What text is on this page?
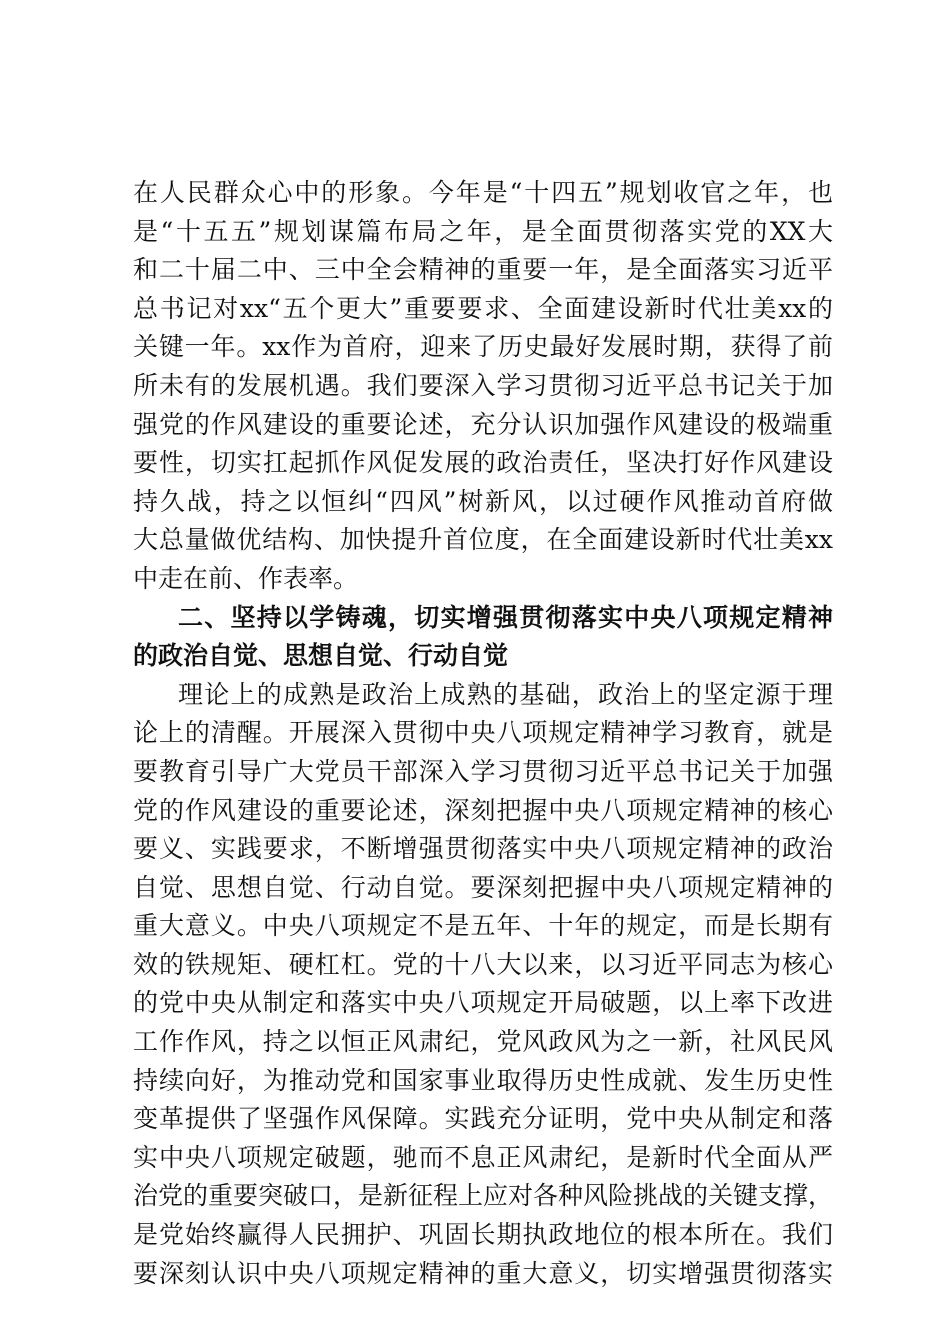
在人民群众心中的形象。今年是“十四五”规划收官之年，也
是“十五五”规划谋篇布局之年，是全面贯彻落实党的XX大
和二十届二中、三中全会精神的重要一年，是全面落实习近平
总书记对xx“五个更大”重要要求、全面建设新时代壮美xx的
关键一年。xx作为首府，迎来了历史最好发展时期，获得了前
所未有的发展机遇。我们要深入学习贯彻习近平总书记关于加
强党的作风建设的重要论述，充分认识加强作风建设的极端重
要性，切实扛起抓作风促发展的政治责任，坚决打好作风建设
持久战，持之以恒纠“四风”树新风，以过硬作风推动首府做
大总量做优结构、加快提升首位度，在全面建设新时代壮美xx
中走在前、作表率。
二、坚持以学铸魂，切实增强贯彻落实中央八项规定精神
的政治自觉、思想自觉、行动自觉
理论上的成熟是政治上成熟的基础，政治上的坚定源于理
论上的清醒。开展深入贯彻中央八项规定精神学习教育，就是
要教育引导广大党员干部深入学习贯彻习近平总书记关于加强
党的作风建设的重要论述，深刻把握中央八项规定精神的核心
要义、实践要求，不断增强贯彻落实中央八项规定精神的政治
自觉、思想自觉、行动自觉。要深刻把握中央八项规定精神的
重大意义。中央八项规定不是五年、十年的规定，而是长期有
效的铁规矩、硬杠杠。党的十八大以来，以习近平同志为核心
的党中央从制定和落实中央八项规定开局破题，以上率下改进
工作作风，持之以恒正风肃纪，党风政风为之一新，社风民风
持续向好，为推动党和国家事业取得历史性成就、发生历史性
变革提供了坚强作风保障。实践充分证明，党中央从制定和落
实中央八项规定破题，驰而不息正风肃纪，是新时代全面从严
治党的重要突破口，是新征程上应对各种风险挑战的关键支撑，
是党始终赢得人民拥护、巩固长期执政地位的根本所在。我们
要深刻认识中央八项规定精神的重大意义，切实增强贯彻落实
